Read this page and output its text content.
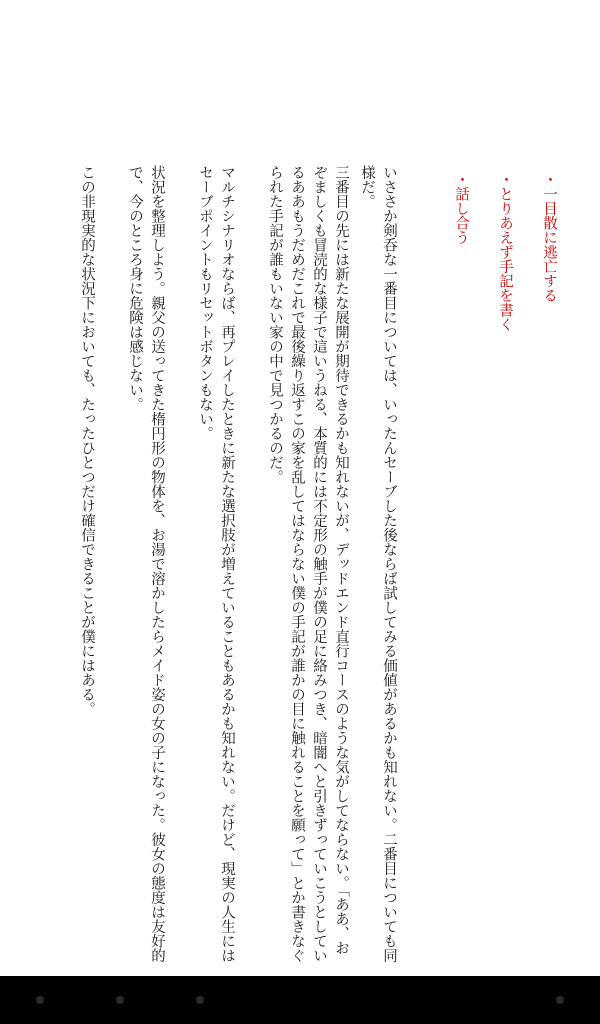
・一目散に逃亡する
・とりあえず手記を書く
・話し合う

いささか剣呑な一番目については、いったんセーブした後ならば試してみる価値があるかも知れない。二番目についても同様だ。

三番目の先には新たな展開が期待できるかも知れないが、デッドエンド直行コースのような気がしてならない。「ああ、おぞましくも冒涜的な様子で這いうねる、本質的には不定形の触手が僕の足に絡みつき、暗闇へと引きずっていこうとしているああもうだめだこれで最後繰り返すこの家を乱してはならない僕の手記が誰かの目に触れることを願って」とか書きなぐられた手記が誰もいない家の中で見つかるのだ。

マルチシナリオならば、再プレイしたときに新たな選択肢が増えていることもあるかも知れない。だけど、現実の人生にはセーブポイントもリセットボタンもない。

状況を整理しよう。親父の送ってきた楕円形の物体を、お湯で溶かしたらメイド姿の女の子になった。彼女の態度は友好的で、今のところ身に危険は感じない。

この非現実的な状況下においても、たったひとつだけ確信できることが僕にはある。
